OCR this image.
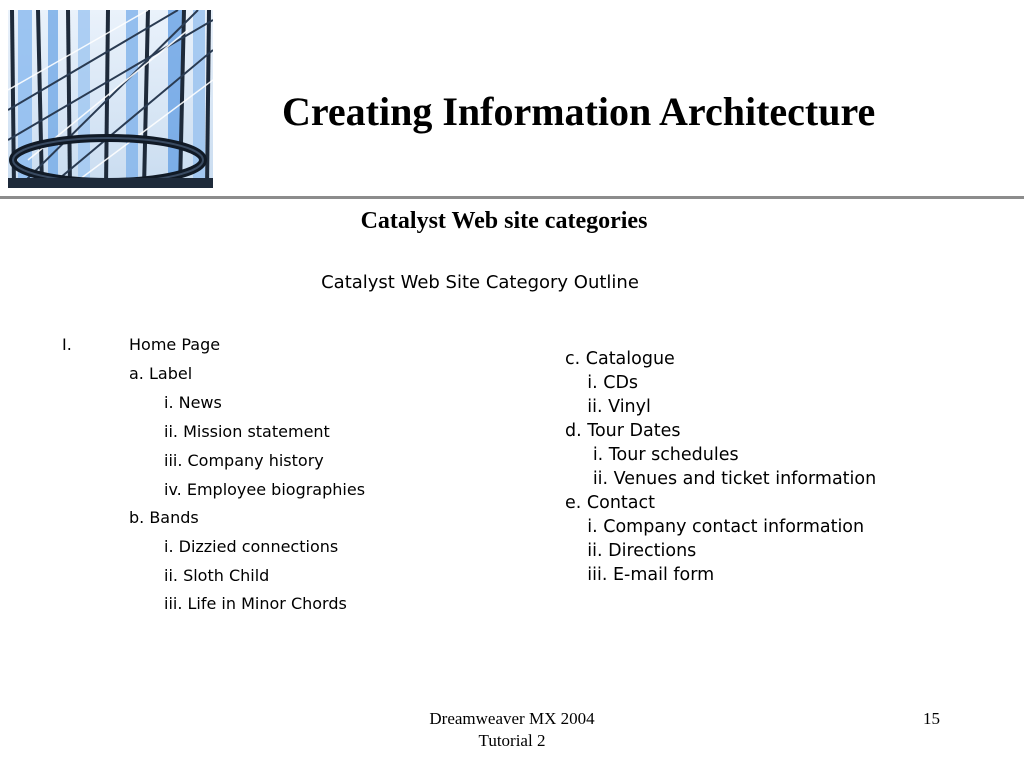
Creating Information Architecture
Catalyst Web site categories
Catalyst Web Site Category Outline
I.	Home Page
a. Label
i. News
ii. Mission statement
iii. Company history
iv. Employee biographies
b. Bands
i. Dizzied connections
ii. Sloth Child
iii. Life in Minor Chords
c. Catalogue
i. CDs
ii. Vinyl
d. Tour Dates
i. Tour schedules
ii. Venues and ticket information
e. Contact
i. Company contact information
ii. Directions
iii. E-mail form
Dreamweaver MX 2004
Tutorial 2
15
